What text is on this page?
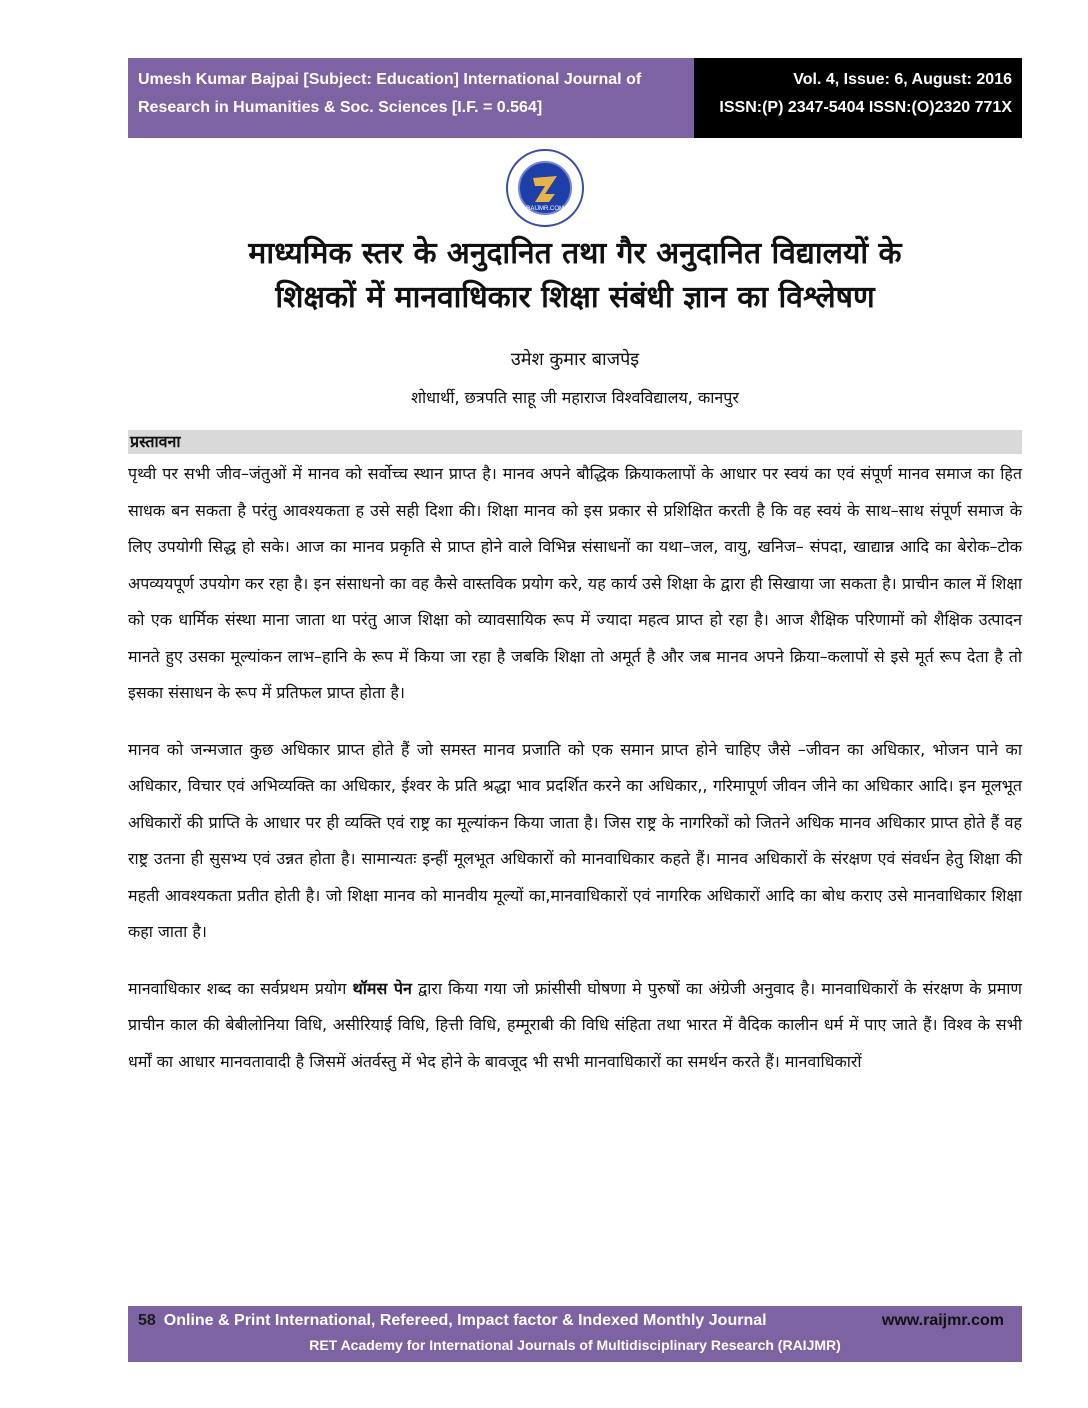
Umesh Kumar Bajpai [Subject: Education] International Journal of
Research in Humanities & Soc. Sciences [I.F. = 0.564]
Vol. 4, Issue: 6, August: 2016
ISSN:(P) 2347-5404 ISSN:(O)2320 771X
RAIJMR.COM
माध्यमिक स्तर के अनुदानित तथा गैर अनुदानित विद्यालयों के
शिक्षकों में मानवाधिकार शिक्षा संबंधी ज्ञान का विश्लेषण
उमेश कुमार बाजपेइ
शोधार्थी, छत्रपति साहू जी महाराज विश्वविद्यालय, कानपुर
प्रस्तावना

पृथ्वी पर सभी जीव–जंतुओं में मानव को सर्वोच्च स्थान प्राप्त है। मानव अपने बौद्धिक क्रियाकलापों के आधार पर स्वयं का एवं संपूर्ण मानव समाज का हित साधक बन सकता है परंतु आवश्यकता ह उसे सही दिशा की। शिक्षा मानव को इस प्रकार से प्रशिक्षित करती है कि वह स्वयं के साथ–साथ संपूर्ण समाज के लिए उपयोगी सिद्ध हो सके। आज का मानव प्रकृति से प्राप्त होने वाले विभिन्न संसाधनों का यथा–जल, वायु, खनिज– संपदा, खाद्यान्न आदि का बेरोक–टोक अपव्ययपूर्ण उपयोग कर रहा है। इन संसाधनो का वह कैसे वास्तविक प्रयोग करे, यह कार्य उसे शिक्षा के द्वारा ही सिखाया जा सकता है। प्राचीन काल में शिक्षा को एक धार्मिक संस्था माना जाता था परंतु आज शिक्षा को व्यावसायिक रूप में ज्यादा महत्व प्राप्त हो रहा है। आज शैक्षिक परिणामों को शैक्षिक उत्पादन मानते हुए उसका मूल्यांकन लाभ–हानि के रूप में किया जा रहा है जबकि शिक्षा तो अमूर्त है और जब मानव अपने क्रिया–कलापों से इसे मूर्त रूप देता है तो इसका संसाधन के रूप में प्रतिफल प्राप्त होता है।

मानव को जन्मजात कुछ अधिकार प्राप्त होते हैं जो समस्त मानव प्रजाति को एक समान प्राप्त होने चाहिए जैसे –जीवन का अधिकार, भोजन पाने का अधिकार, विचार एवं अभिव्यक्ति का अधिकार, ईश्वर के प्रति श्रद्धा भाव प्रदर्शित करने का अधिकार,, गरिमापूर्ण जीवन जीने का अधिकार आदि। इन मूलभूत अधिकारों की प्राप्ति के आधार पर ही व्यक्ति एवं राष्ट्र का मूल्यांकन किया जाता है। जिस राष्ट्र के नागरिकों को जितने अधिक मानव अधिकार प्राप्त होते हैं वह राष्ट्र उतना ही सुसभ्य एवं उन्नत होता है। सामान्यतः इन्हीं मूलभूत अधिकारों को मानवाधिकार कहते हैं। मानव अधिकारों के संरक्षण एवं संवर्धन हेतु शिक्षा की महती आवश्यकता प्रतीत होती है। जो शिक्षा मानव को मानवीय मूल्यों का,मानवाधिकारों एवं नागरिक अधिकारों आदि का बोध कराए उसे मानवाधिकार शिक्षा कहा जाता है।

मानवाधिकार शब्द का सर्वप्रथम प्रयोग थॉमस पेन द्वारा किया गया जो फ्रांसीसी घोषणा मे पुरुषों का अंग्रेजी अनुवाद है। मानवाधिकारों के संरक्षण के प्रमाण प्राचीन काल की बेबीलोनिया विधि, असीरियाई विधि, हित्ती विधि, हम्मूराबी की विधि संहिता तथा भारत में वैदिक कालीन धर्म में पाए जाते हैं। विश्व के सभी धर्मों का आधार मानवतावादी है जिसमें अंतर्वस्तु में भेद होने के बावजूद भी सभी मानवाधिकारों का समर्थन करते हैं। मानवाधिकारों

58 Online & Print International, Refereed, Impact factor & Indexed Monthly Journal	www.raijmr.com
RET Academy for International Journals of Multidisciplinary Research (RAIJMR)
